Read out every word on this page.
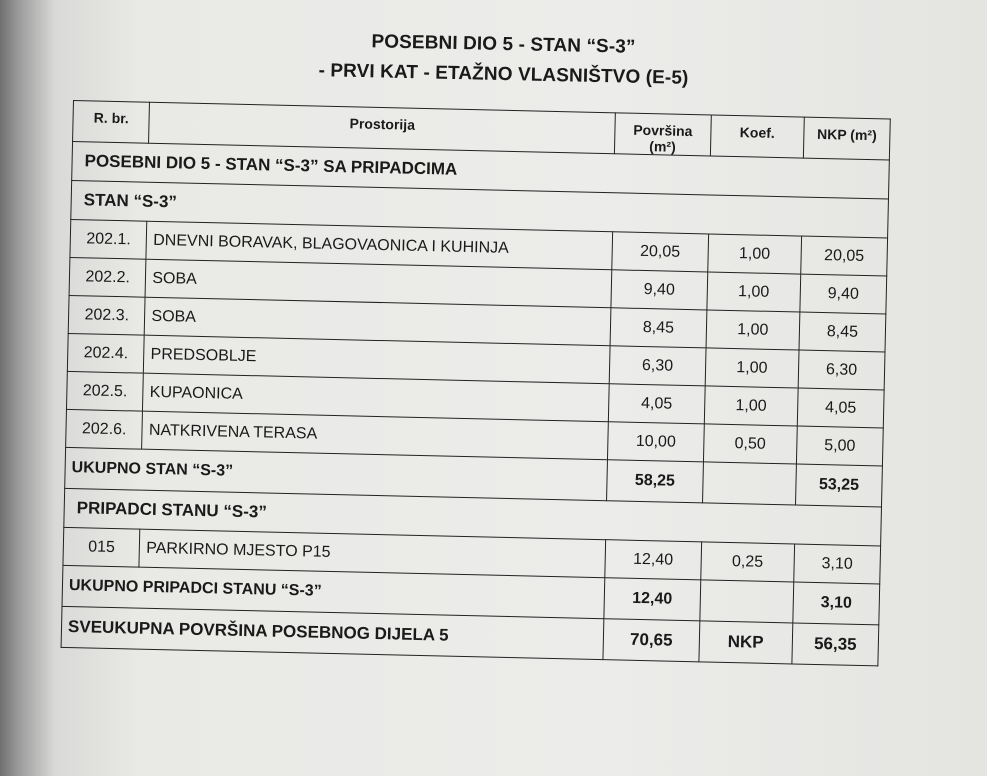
POSEBNI DIO 5 - STAN “S-3”
- PRVI KAT - ETAŽNO VLASNIŠTVO (E-5)
R. br.	Prostorija	Površina (m²)	Koef.	NKP (m²)
POSEBNI DIO 5 - STAN “S-3” SA PRIPADCIMA				
STAN “S-3”				
202.1.	DNEVNI BORAVAK, BLAGOVAONICA I KUHINJA	20,05	1,00	20,05
202.2.	SOBA	9,40	1,00	9,40
202.3.	SOBA	8,45	1,00	8,45
202.4.	PREDSOBLJE	6,30	1,00	6,30
202.5.	KUPAONICA	4,05	1,00	4,05
202.6.	NATKRIVENA TERASA	10,00	0,50	5,00
UKUPNO STAN “S-3”		58,25		53,25
PRIPADCI STANU “S-3”				
015	PARKIRNO MJESTO P15	12,40	0,25	3,10
UKUPNO PRIPADCI STANU “S-3”		12,40		3,10
SVEUKUPNA POVRŠINA POSEBNOG DIJELA 5		70,65	NKP	56,35
